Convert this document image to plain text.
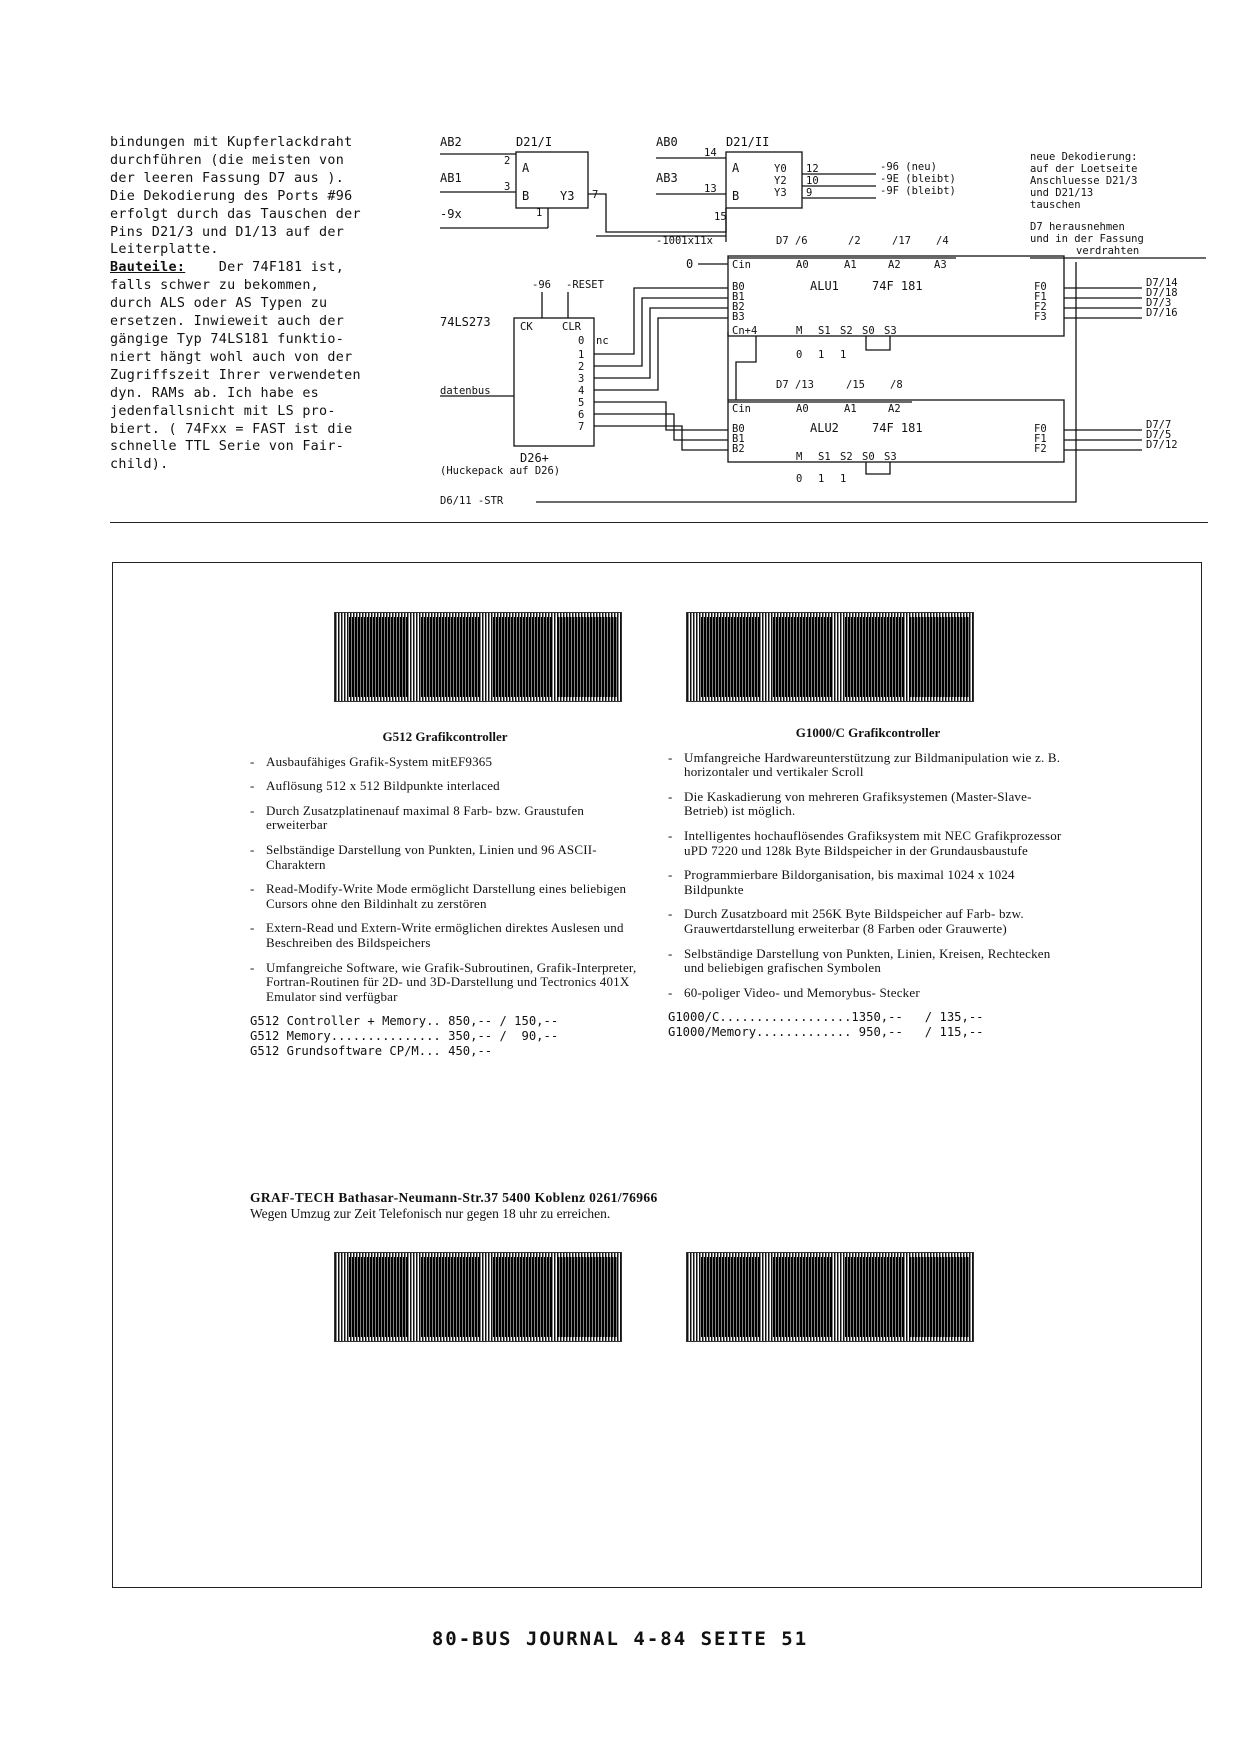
bindungen mit Kupferlackdraht

durchführen (die meisten von

der leeren Fassung D7 aus ).

Die Dekodierung des Ports #96

erfolgt durch das Tauschen der

Pins D21/3 und D1/13 auf der

Leiterplatte.

Bauteile: Der 74F181 ist,

falls schwer zu bekommen,

durch ALS oder AS Typen zu

ersetzen. Inwieweit auch der

gängige Typ 74LS181 funktio-

niert hängt wohl auch von der

Zugriffszeit Ihrer verwendeten

dyn. RAMs ab. Ich habe es

jedenfallsnicht mit LS pro-

biert. ( 74Fxx = FAST ist die

schnelle TTL Serie von Fair-

child).

AB2
AB1
-9x
D21/I
2
3
A
B	Y3
1
7
AB0
AB3
D21/II
14
13
15
A
B
Y0
Y2
Y3
12
10
9
-96 (neu)
-9E (bleibt)
-9F (bleibt)
neue Dekodierung:
auf der Loetseite
Anschluesse D21/3
und D21/13
tauschen
D7 herausnehmen
und in der Fassung
verdrahten
-1001x11x
0
D7 /6	/2	/17 /4
Cin	A0	A1	A2	A3
B0
B1
B2
B3
Cn+4
ALU1	74F 181
M S1 S2 S0 S3
0 1 1
F0
F1
F2
F3
D7/14
D7/18
D7/3
D7/16
-96 -RESET
74LS273	CK	CLR
0 nc
1
2
3
4
5
6
7
datenbus
D26+
(Huckepack auf D26)
D7 /13	/15 /8
Cin	A0	A1	A2
B0
B1
B2
ALU2	74F 181
M S1 S2 S0 S3
0 1 1
F0
F1
F2
D7/7
D7/5
D7/12
D6/11 -STR
G512 Grafikcontroller
- Ausbaufähiges Grafik-System mitEF9365
- Auflösung 512 x 512 Bildpunkte interlaced
- Durch Zusatzplatinenauf maximal 8 Farb- bzw. Graustufen erweiterbar
- Selbständige Darstellung von Punkten, Linien und 96 ASCII-Charaktern
- Read-Modify-Write Mode ermöglicht Darstellung eines beliebigen Cursors ohne den Bildinhalt zu zerstören
- Extern-Read und Extern-Write ermöglichen direktes Auslesen und Beschreiben des Bildspeichers
- Umfangreiche Software, wie Grafik-Subroutinen, Grafik-Interpreter, Fortran-Routinen für 2D- und 3D-Darstellung und Tectronics 401X Emulator sind verfügbar

G512 Controller + Memory.. 850,-- / 150,--

G512 Memory............... 350,-- /  90,--

G512 Grundsoftware CP/M... 450,--

G1000/C Grafikcontroller
- Umfangreiche Hardwareunterstützung zur Bildmanipulation wie z. B. horizontaler und vertikaler Scroll
- Die Kaskadierung von mehreren Grafiksystemen (Master-Slave-Betrieb) ist möglich.
- Intelligentes hochauflösendes Grafiksystem mit NEC Grafikprozessor uPD 7220 und 128k Byte Bildspeicher in der Grundausbaustufe
- Programmierbare Bildorganisation, bis maximal 1024 x 1024 Bildpunkte
- Durch Zusatzboard mit 256K Byte Bildspeicher auf Farb- bzw. Grauwertdarstellung erweiterbar (8 Farben oder Grauwerte)
- Selbständige Darstellung von Punkten, Linien, Kreisen, Rechtecken und beliebigen grafischen Symbolen
- 60-poliger Video- und Memorybus- Stecker

G1000/C..................1350,--   / 135,--

G1000/Memory............. 950,--   / 115,--

GRAF-TECH Bathasar-Neumann-Str.37 5400 Koblenz 0261/76966
Wegen Umzug zur Zeit Telefonisch nur gegen 18 uhr zu erreichen.
80-BUS JOURNAL 4-84 SEITE 51
